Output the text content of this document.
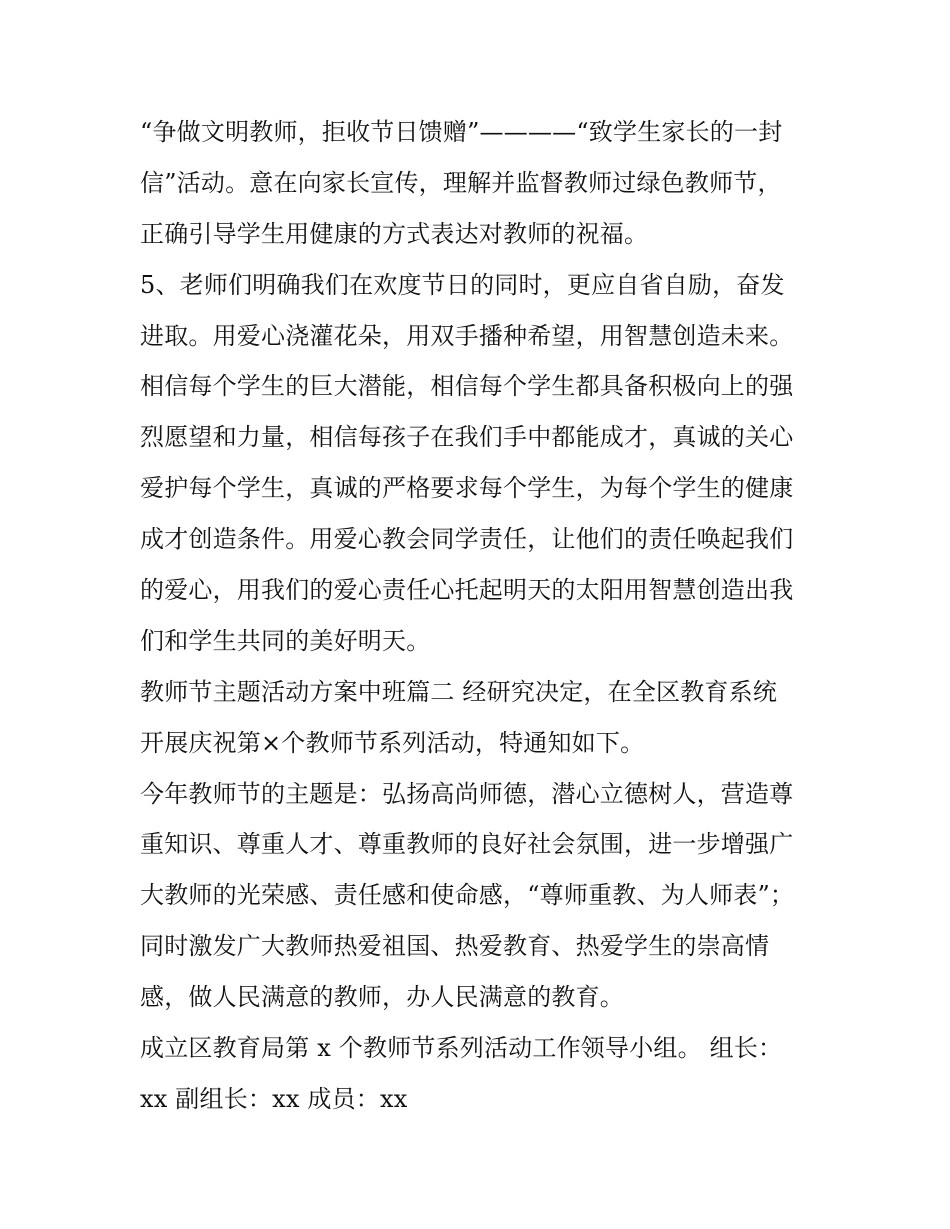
“争做文明教师，拒收节日馈赠”————“致学生家长的一封
信”活动。意在向家长宣传，理解并监督教师过绿色教师节，
正确引导学生用健康的方式表达对教师的祝福。
5、老师们明确我们在欢度节日的同时，更应自省自励，奋发
进取。用爱心浇灌花朵，用双手播种希望，用智慧创造未来。
相信每个学生的巨大潜能，相信每个学生都具备积极向上的强
烈愿望和力量，相信每孩子在我们手中都能成才，真诚的关心
爱护每个学生，真诚的严格要求每个学生，为每个学生的健康
成才创造条件。用爱心教会同学责任，让他们的责任唤起我们
的爱心，用我们的爱心责任心托起明天的太阳用智慧创造出我
们和学生共同的美好明天。
教师节主题活动方案中班篇二 经研究决定，在全区教育系统
开展庆祝第×个教师节系列活动，特通知如下。
今年教师节的主题是：弘扬高尚师德，潜心立德树人，营造尊
重知识、尊重人才、尊重教师的良好社会氛围，进一步增强广
大教师的光荣感、责任感和使命感，“尊师重教、为人师表”；
同时激发广大教师热爱祖国、热爱教育、热爱学生的崇高情
感，做人民满意的教师，办人民满意的教育。
成立区教育局第 x 个教师节系列活动工作领导小组。 组长：
xx 副组长：xx 成员：xx
